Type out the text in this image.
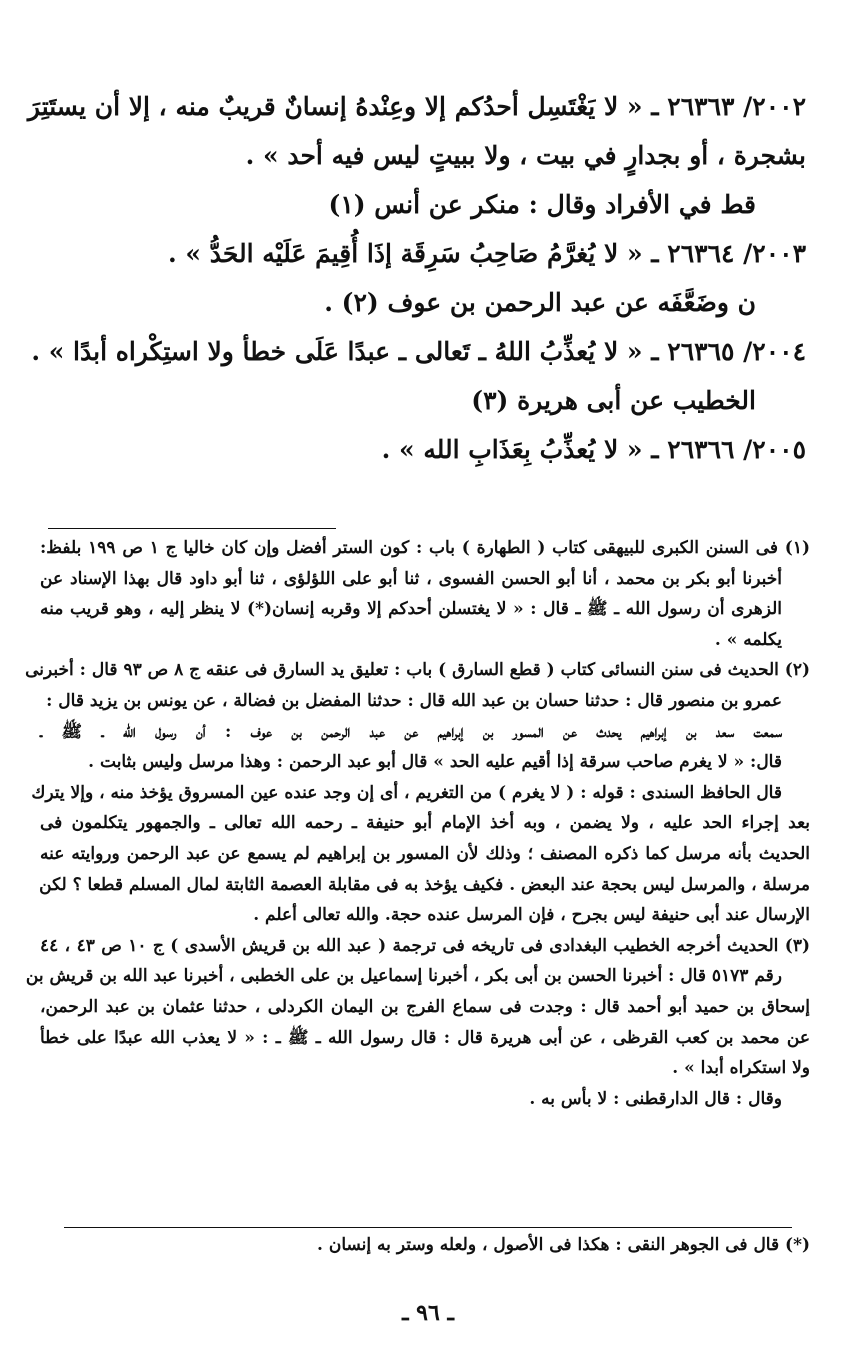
٢٠٠٢/ ٢٦٣٦٣ ـ « لا يَغْتَسِل أحدُكم إلا وعِنْدهُ إنسانٌ قريبٌ منه ، إلا أن يستَتِرَ
بشجرة ، أو بجدارٍ في بيت ، ولا ببيتٍ ليس فيه أحد » .
قط في الأفراد وقال : منكر عن أنس (١)
٢٠٠٣/ ٢٦٣٦٤ ـ « لا يُغرَّمُ صَاحِبُ سَرِقَة إذَا أُقِيمَ عَلَيْه الحَدُّ » .
ن وضَعَّفَه عن عبد الرحمن بن عوف (٢) .
٢٠٠٤/ ٢٦٣٦٥ ـ « لا يُعذِّبُ اللهُ ـ تَعالى ـ عبدًا عَلَى خطأ ولا استِكْراه أبدًا » .
الخطيب عن أبى هريرة (٣)
٢٠٠٥/ ٢٦٣٦٦ ـ « لا يُعذِّبُ بِعَذَابِ الله » .
(١) فى السنن الكبرى للبيهقى كتاب ( الطهارة ) باب : كون الستر أفضل وإن كان خاليا ج ١ ص ١٩٩ بلفظ:
أخبرنا أبو بكر بن محمد ، أنا أبو الحسن الفسوى ، ثنا أبو على اللؤلؤى ، ثنا أبو داود قال بهذا الإسناد عن
الزهرى أن رسول الله ـ ﷺ ـ قال : « لا يغتسلن أحدكم إلا وقربه إنسان(*) لا ينظر إليه ، وهو قريب منه
يكلمه » .
(٢) الحديث فى سنن النسائى كتاب ( قطع السارق ) باب : تعليق يد السارق فى عنقه ج ٨ ص ٩٣ قال : أخبرنى
عمرو بن منصور قال : حدثنا حسان بن عبد الله قال : حدثنا المفضل بن فضالة ، عن يونس بن يزيد قال :
سمعت سعد بن إبراهيم يحدث عن المسور بن إبراهيم عن عبد الرحمن بن عوف : أن رسول الله ـ ﷺ ـ
قال: « لا يغرم صاحب سرقة إذا أقيم عليه الحد » قال أبو عبد الرحمن : وهذا مرسل وليس بثابت .
قال الحافظ السندى : قوله : ( لا يغرم ) من التغريم ، أى إن وجد عنده عين المسروق يؤخذ منه ، وإلا يترك
بعد إجراء الحد عليه ، ولا يضمن ، وبه أخذ الإمام أبو حنيفة ـ رحمه الله تعالى ـ والجمهور يتكلمون فى
الحديث بأنه مرسل كما ذكره المصنف ؛ وذلك لأن المسور بن إبراهيم لم يسمع عن عبد الرحمن وروايته عنه
مرسلة ، والمرسل ليس بحجة عند البعض . فكيف يؤخذ به فى مقابلة العصمة الثابتة لمال المسلم قطعا ؟ لكن
الإرسال عند أبى حنيفة ليس بجرح ، فإن المرسل عنده حجة. والله تعالى أعلم .
(٣) الحديث أخرجه الخطيب البغدادى فى تاريخه فى ترجمة ( عبد الله بن قريش الأسدى ) ج ١٠ ص ٤٣ ، ٤٤
رقم ٥١٧٣ قال : أخبرنا الحسن بن أبى بكر ، أخبرنا إسماعيل بن على الخطبى ، أخبرنا عبد الله بن قريش بن
إسحاق بن حميد أبو أحمد قال : وجدت فى سماع الفرج بن اليمان الكردلى ، حدثنا عثمان بن عبد الرحمن،
عن محمد بن كعب القرظى ، عن أبى هريرة قال : قال رسول الله ـ ﷺ ـ : « لا يعذب الله عبدًا على خطأ
ولا استكراه أبدا » .
وقال : قال الدارقطنى : لا بأس به .
(*) قال فى الجوهر النقى : هكذا فى الأصول ، ولعله وستر به إنسان .
ـ ٩٦ ـ
